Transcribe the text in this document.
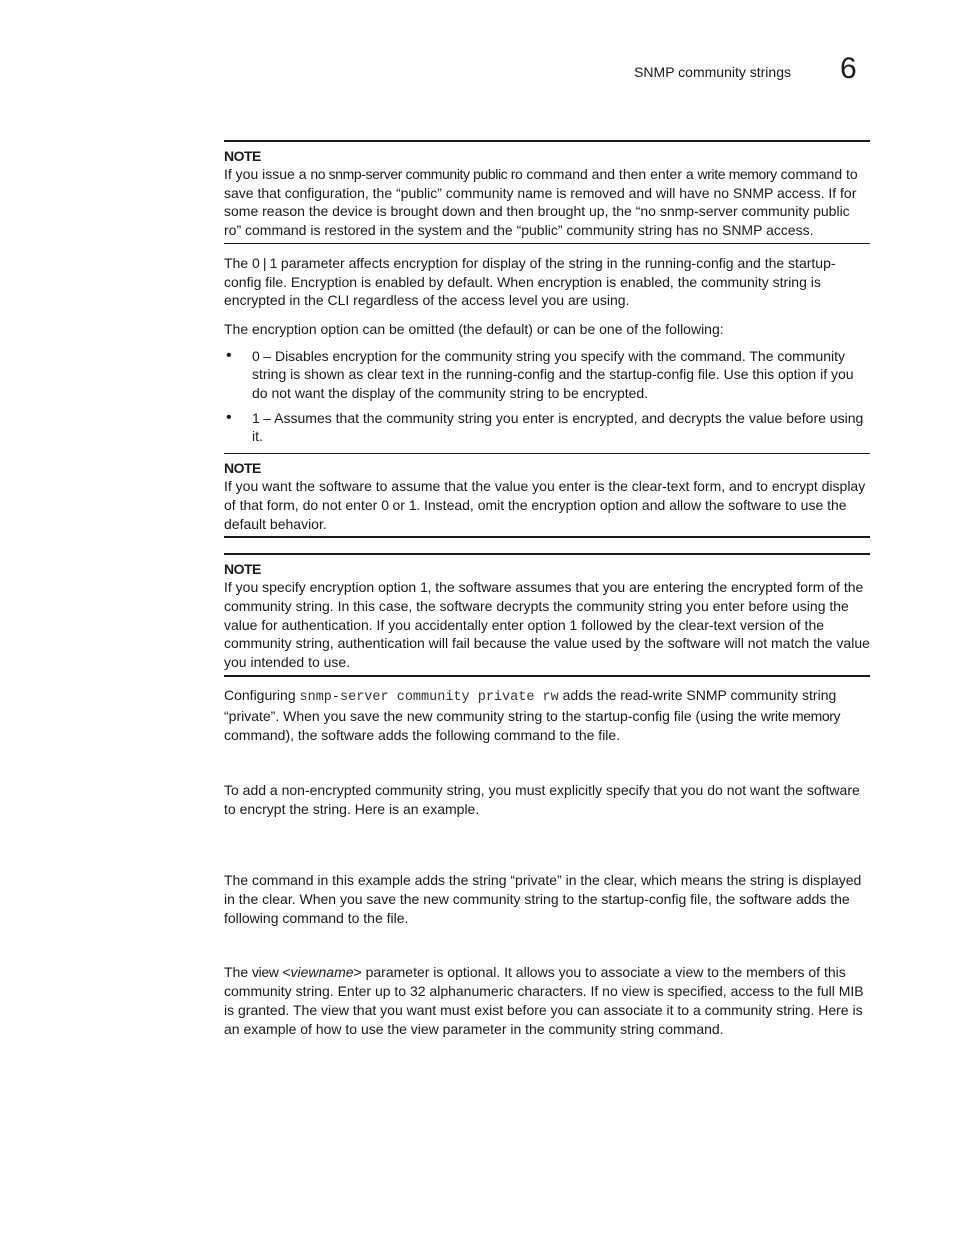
SNMP community strings 6
NOTE

If you issue a no snmp-server community public ro command and then enter a write memory command to save that configuration, the “public” community name is removed and will have no SNMP access. If for some reason the device is brought down and then brought up, the “no snmp-server community public ro” command is restored in the system and the “public” community string has no SNMP access.

The 0 | 1 parameter affects encryption for display of the string in the running-config and the startup-config file. Encryption is enabled by default. When encryption is enabled, the community string is encrypted in the CLI regardless of the access level you are using.

The encryption option can be omitted (the default) or can be one of the following:

• 0 – Disables encryption for the community string you specify with the command. The community string is shown as clear text in the running-config and the startup-config file. Use this option if you do not want the display of the community string to be encrypted.
• 1 – Assumes that the community string you enter is encrypted, and decrypts the value before using it.
NOTE

If you want the software to assume that the value you enter is the clear-text form, and to encrypt display of that form, do not enter 0 or 1. Instead, omit the encryption option and allow the software to use the default behavior.

NOTE

If you specify encryption option 1, the software assumes that you are entering the encrypted form of the community string. In this case, the software decrypts the community string you enter before using the value for authentication. If you accidentally enter option 1 followed by the clear-text version of the community string, authentication will fail because the value used by the software will not match the value you intended to use.

Configuring snmp-server community private rw adds the read-write SNMP community string “private”. When you save the new community string to the startup-config file (using the write memory command), the software adds the following command to the file.

To add a non-encrypted community string, you must explicitly specify that you do not want the software to encrypt the string. Here is an example.

The command in this example adds the string “private” in the clear, which means the string is displayed in the clear. When you save the new community string to the startup-config file, the software adds the following command to the file.

The view <viewname> parameter is optional. It allows you to associate a view to the members of this community string. Enter up to 32 alphanumeric characters. If no view is specified, access to the full MIB is granted. The view that you want must exist before you can associate it to a community string. Here is an example of how to use the view parameter in the community string command.
